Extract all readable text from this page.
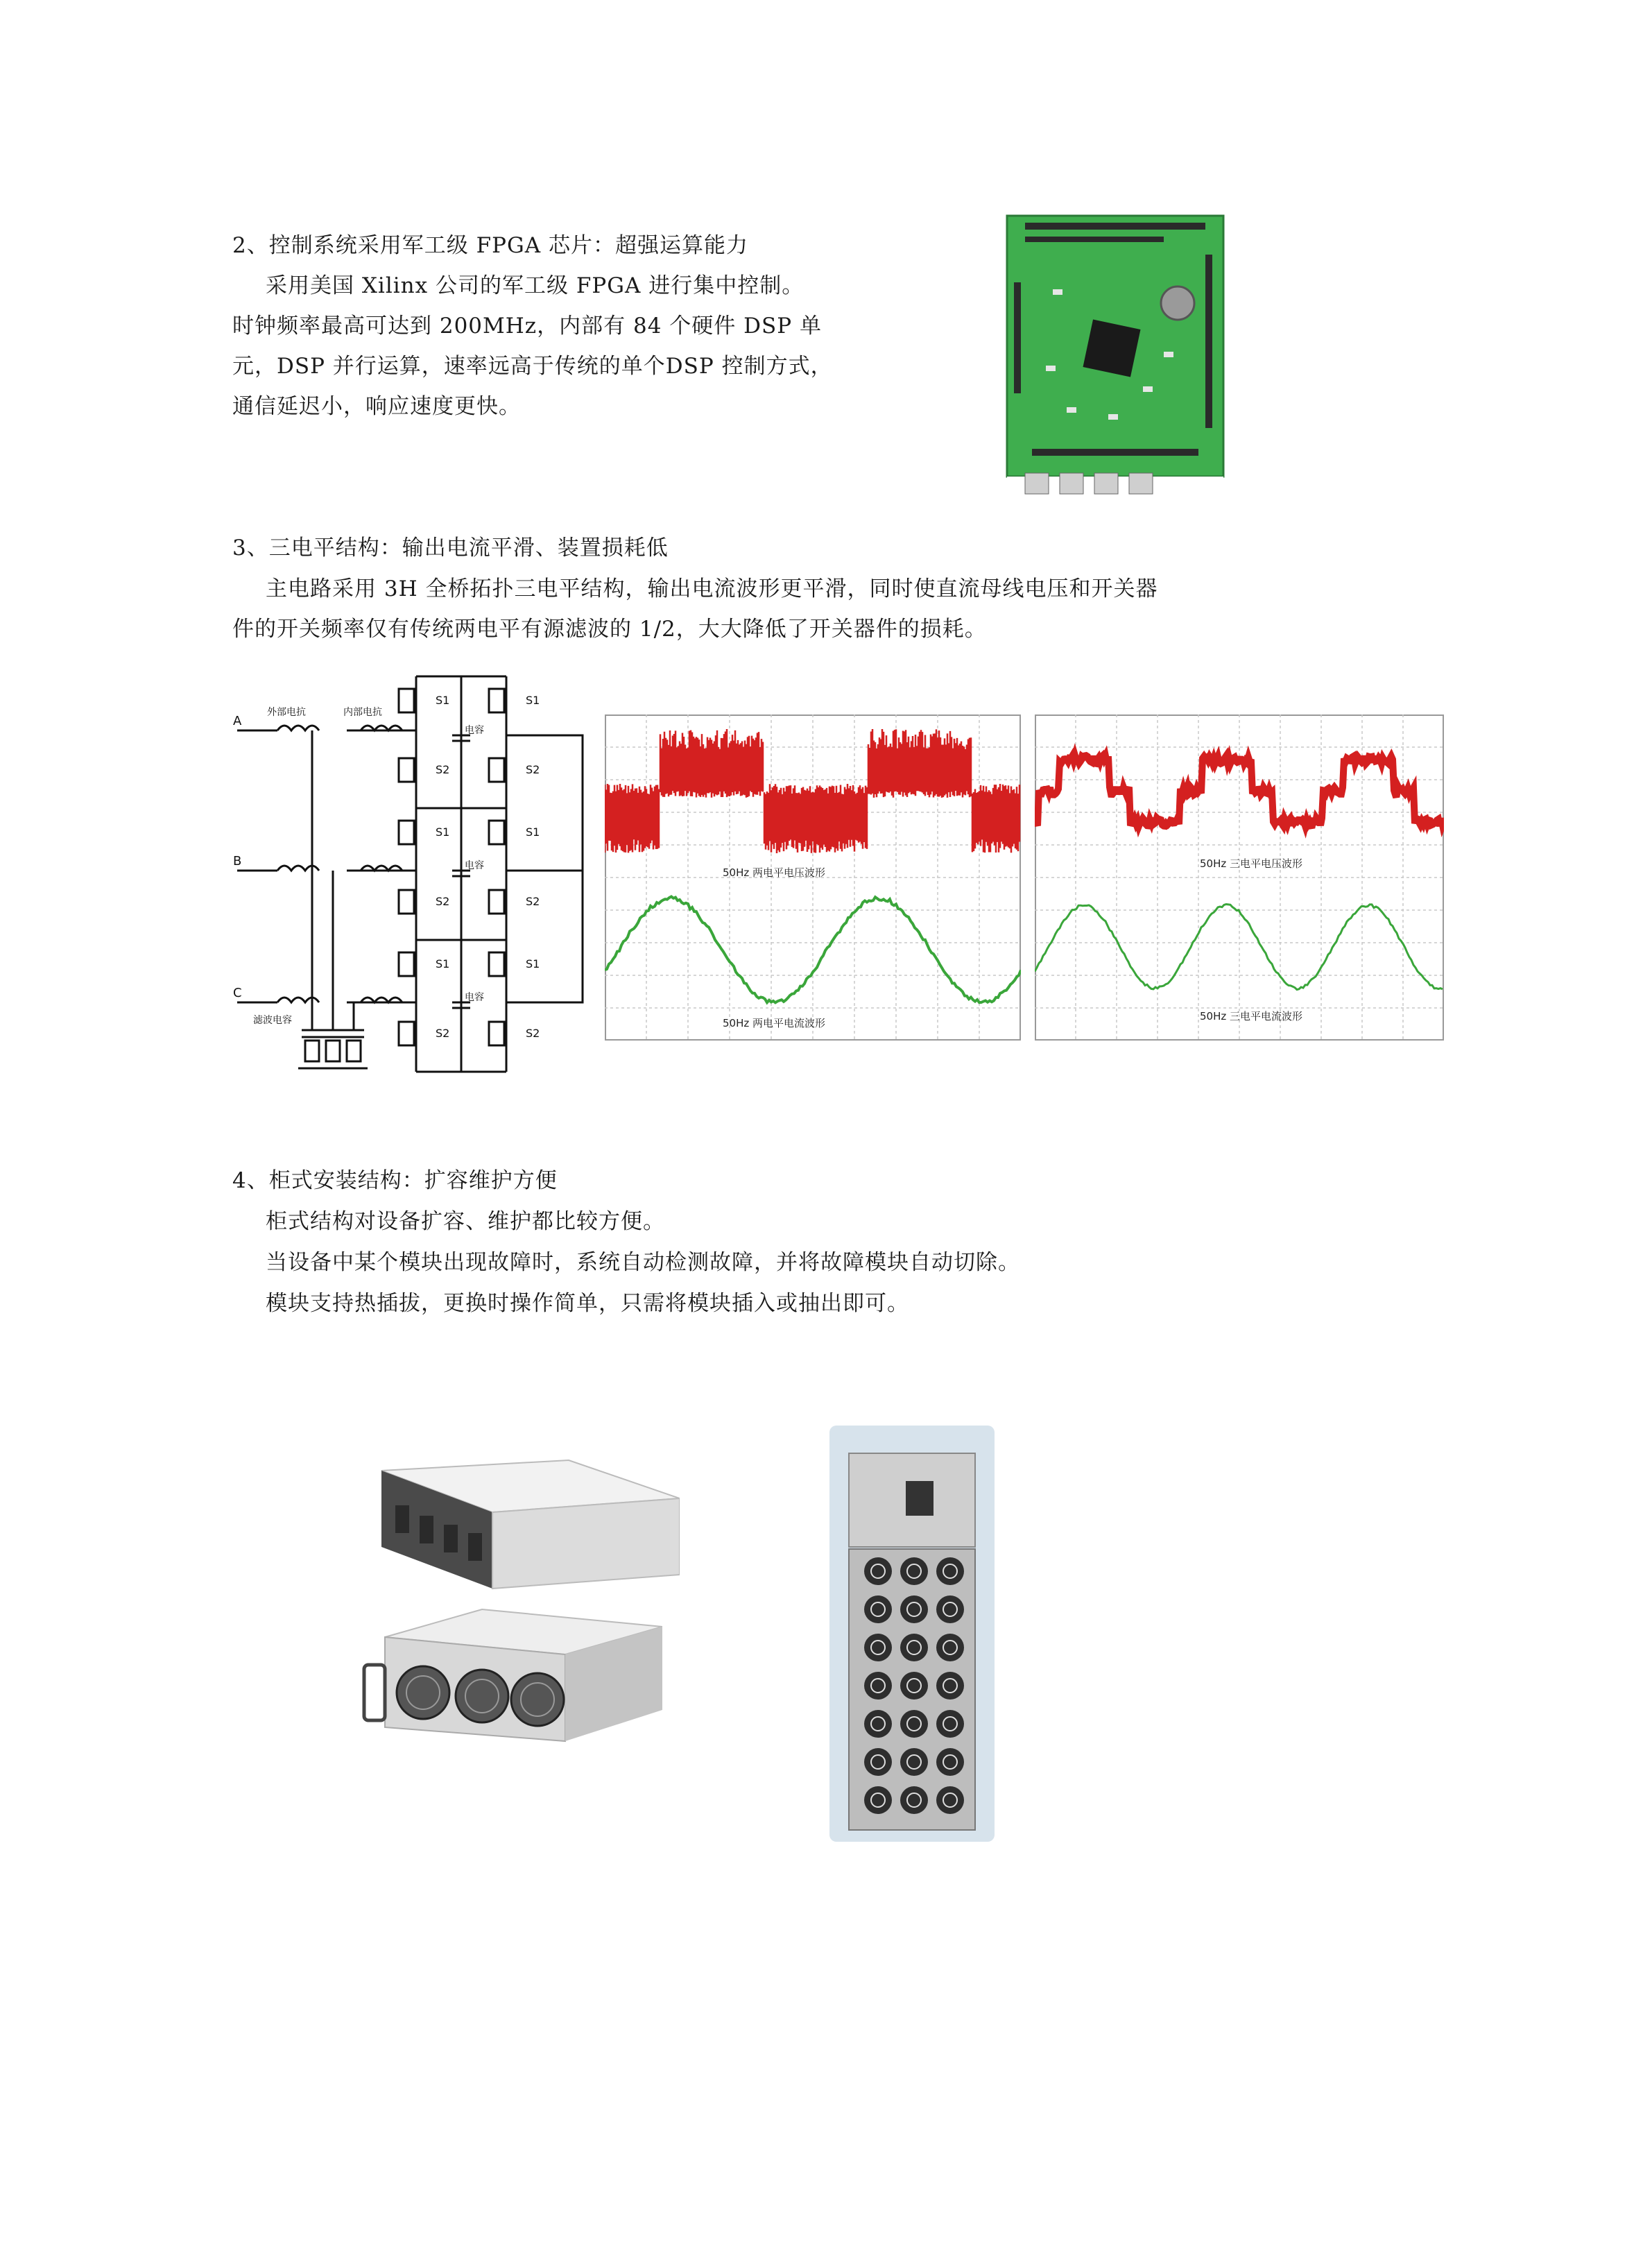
2、控制系统采用军工级 FPGA 芯片：超强运算能力
采用美国 Xilinx 公司的军工级 FPGA 进行集中控制。
时钟频率最高可达到 200MHz，内部有 84 个硬件 DSP 单
元，DSP 并行运算，速率远高于传统的单个DSP 控制方式，
通信延迟小，响应速度更快。
3、三电平结构：输出电流平滑、装置损耗低
主电路采用 3H 全桥拓扑三电平结构，输出电流波形更平滑，同时使直流母线电压和开关器
件的开关频率仅有传统两电平有源滤波的 1/2，大大降低了开关器件的损耗。
A
B
C
外部电抗	内部电抗
滤波电容
电容
电容
电容
S1
S2
S1
S2
S1
S2
S1
S2
S1
S2
S1
S2
50Hz 两电平电压波形
50Hz 两电平电流波形
50Hz 三电平电压波形
50Hz 三电平电流波形
4、柜式安装结构：扩容维护方便
柜式结构对设备扩容、维护都比较方便。
当设备中某个模块出现故障时，系统自动检测故障，并将故障模块自动切除。
模块支持热插拔，更换时操作简单，只需将模块插入或抽出即可。
